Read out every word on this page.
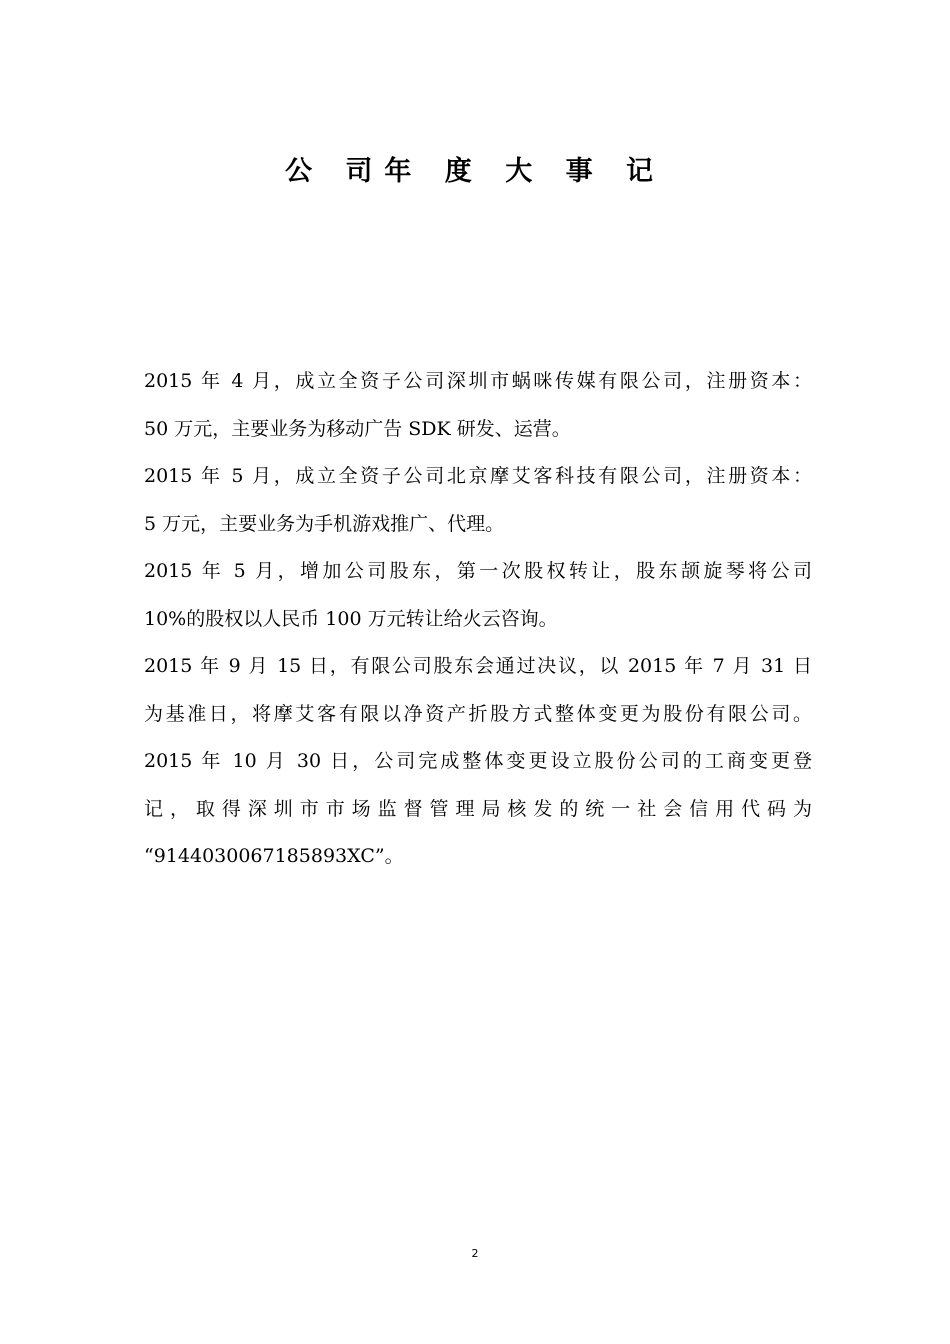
公 司年 度 大 事 记
2015 年 4 月，成立全资子公司深圳市蜗咪传媒有限公司，注册资本：
50 万元，主要业务为移动广告 SDK 研发、运营。
2015 年 5 月，成立全资子公司北京摩艾客科技有限公司，注册资本：
5 万元，主要业务为手机游戏推广、代理。
2015 年 5 月，增加公司股东，第一次股权转让，股东颉旋琴将公司
10%的股权以人民币 100 万元转让给火云咨询。
2015 年 9 月 15 日，有限公司股东会通过决议，以 2015 年 7 月 31 日
为基准日，将摩艾客有限以净资产折股方式整体变更为股份有限公司。
2015 年 10 月 30 日，公司完成整体变更设立股份公司的工商变更登
记，取得深圳市市场监督管理局核发的统一社会信用代码为
“9144030067185893XC”。
2
